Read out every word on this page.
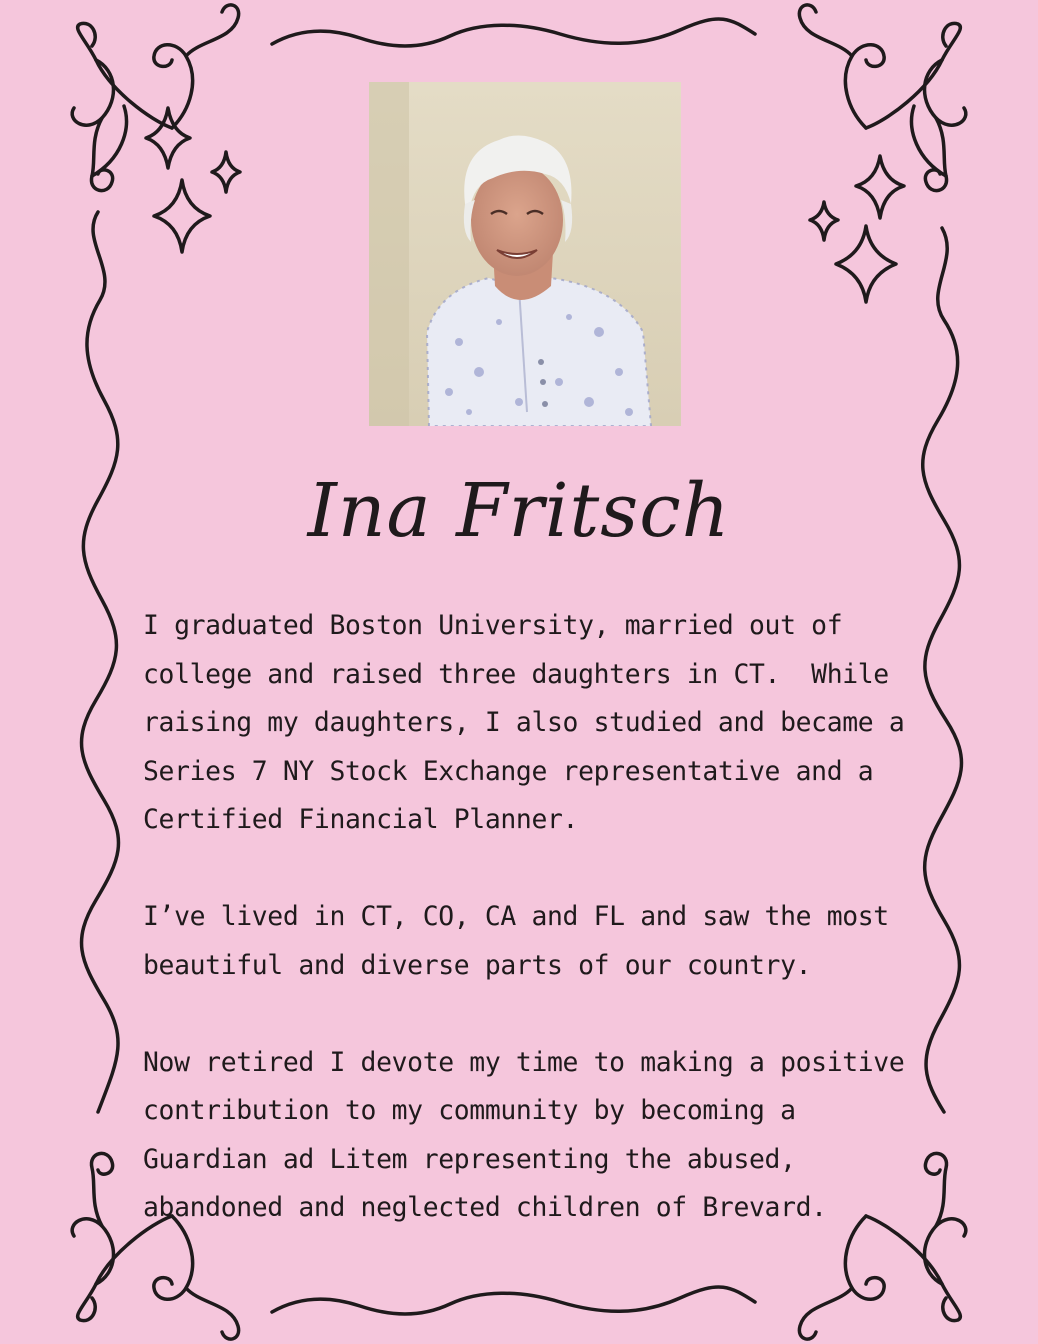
Ina Fritsch
I graduated Boston University, married out of
college and raised three daughters in CT.  While
raising my daughters, I also studied and became a
Series 7 NY Stock Exchange representative and a
Certified Financial Planner.
I’ve lived in CT, CO, CA and FL and saw the most
beautiful and diverse parts of our country.
Now retired I devote my time to making a positive
contribution to my community by becoming a
Guardian ad Litem representing the abused,
abandoned and neglected children of Brevard.
